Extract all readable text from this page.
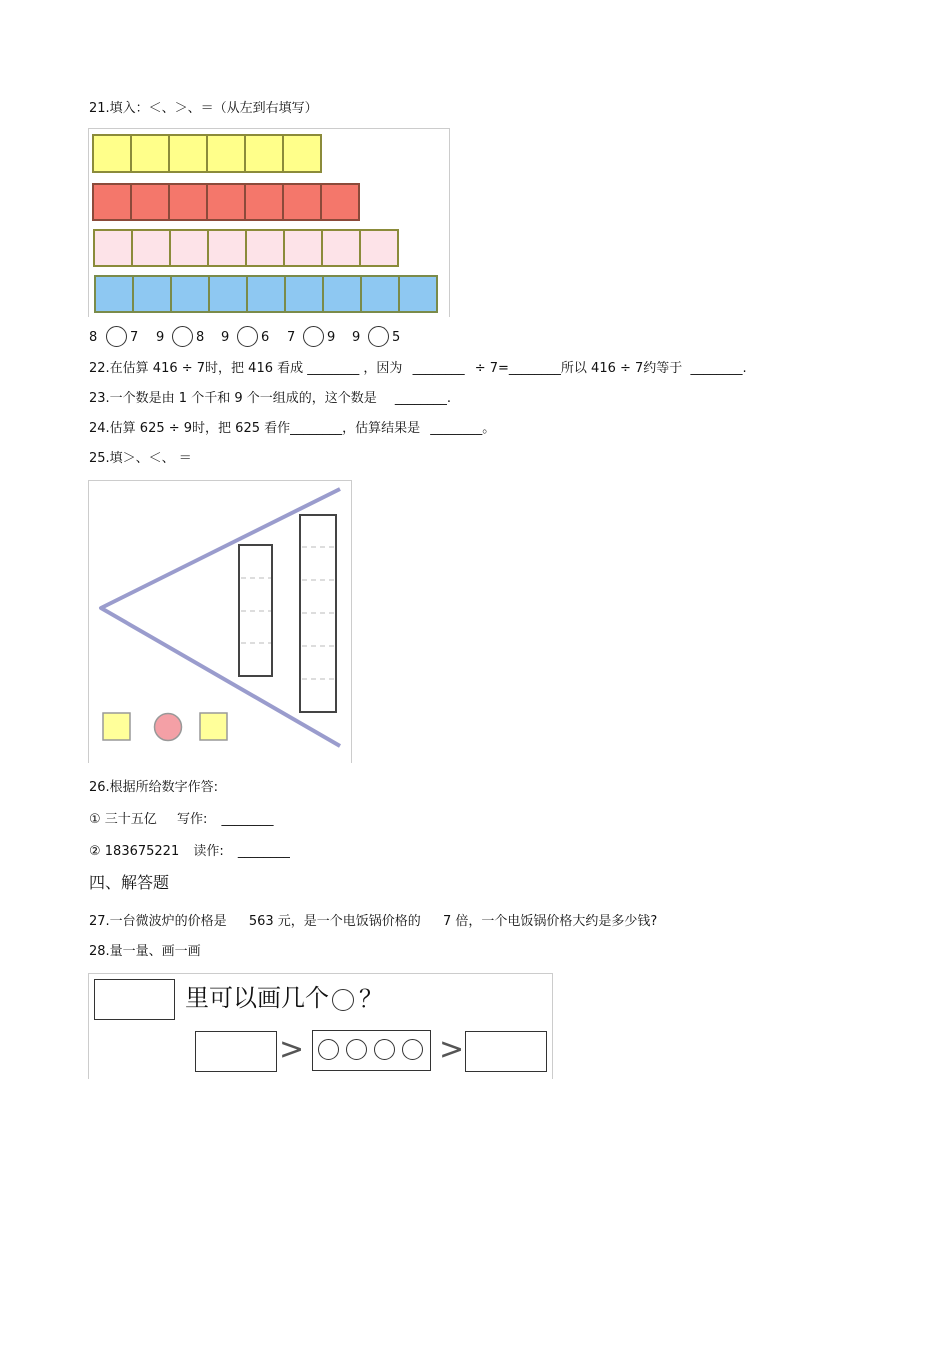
21.填入：＜、＞、＝（从左到右填写）
8	7 9 8 9 6 7 9 9 5
22.在估算 416 ÷ 7时，把 416 看成 ________ ，因为 ________ ÷ 7=________所以 416 ÷ 7约等于 ________.
23.一个数是由 1 个千和 9 个一组成的，这个数是 ________.
24.估算 625 ÷ 9时，把 625 看作________，估算结果是 ________。
25.填＞、＜、 ＝
26.根据所给数字作答:
① 三十五亿 写作: ________
② 183675221 读作: ________
四、解答题
27.一台微波炉的价格是 563 元，是一个电饭锅价格的 7 倍，一个电饭锅价格大约是多少钱?
28.量一量、画一画
里可以画几个 ？
>	>
